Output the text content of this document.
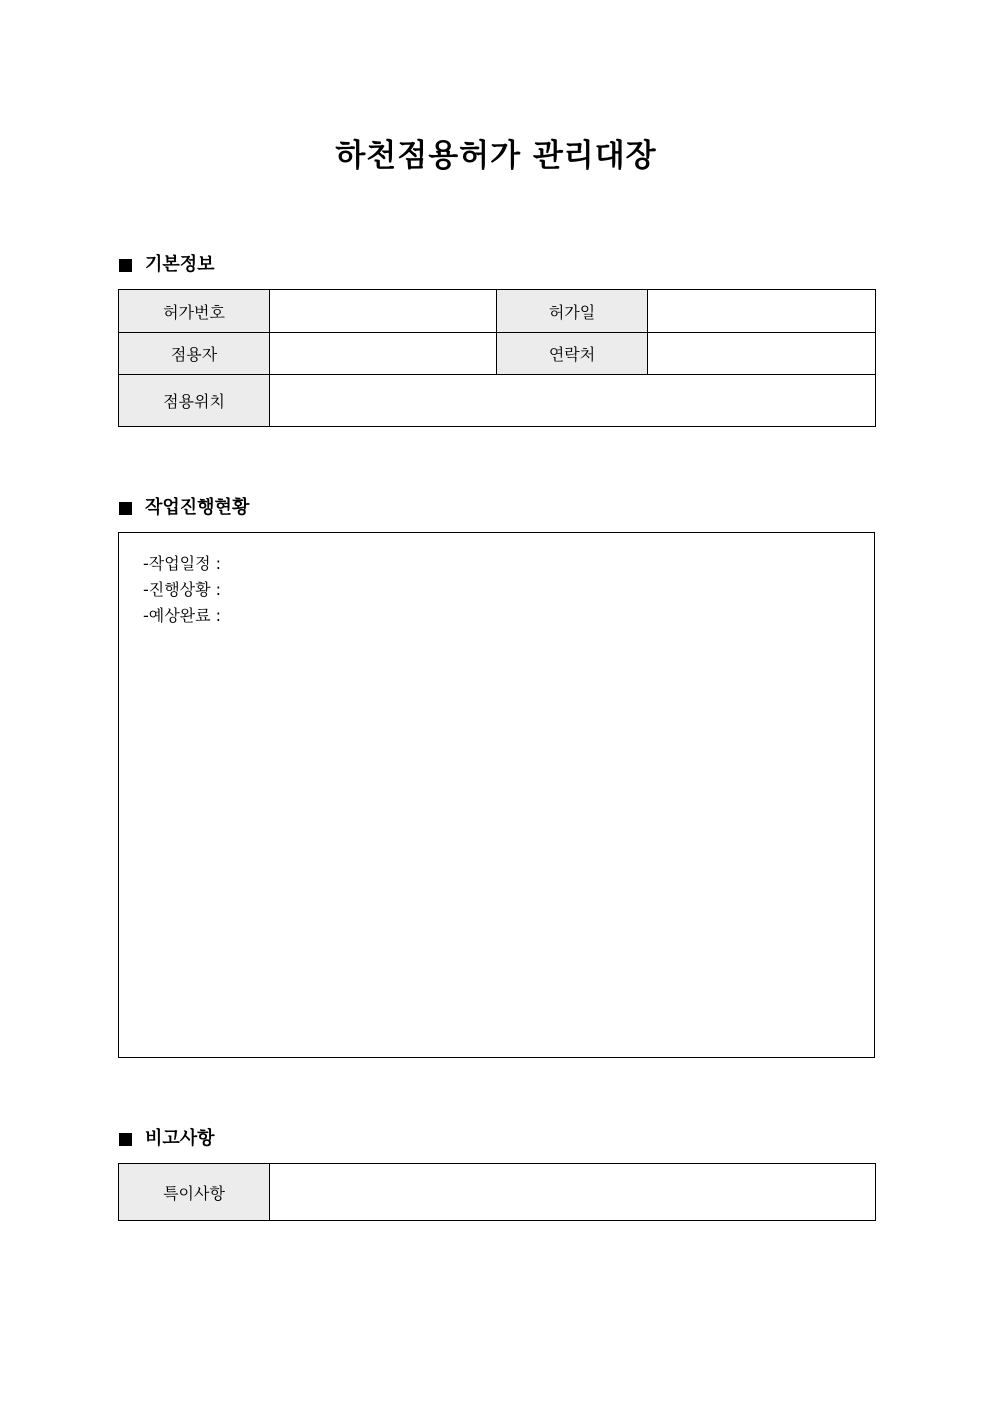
하천점용허가 관리대장
기본정보
허가번호		허가일	
점용자		연락처	
점용위치			
작업진행현황
-작업일정 :
-진행상황 :
-예상완료 :
비고사항
특이사항	
